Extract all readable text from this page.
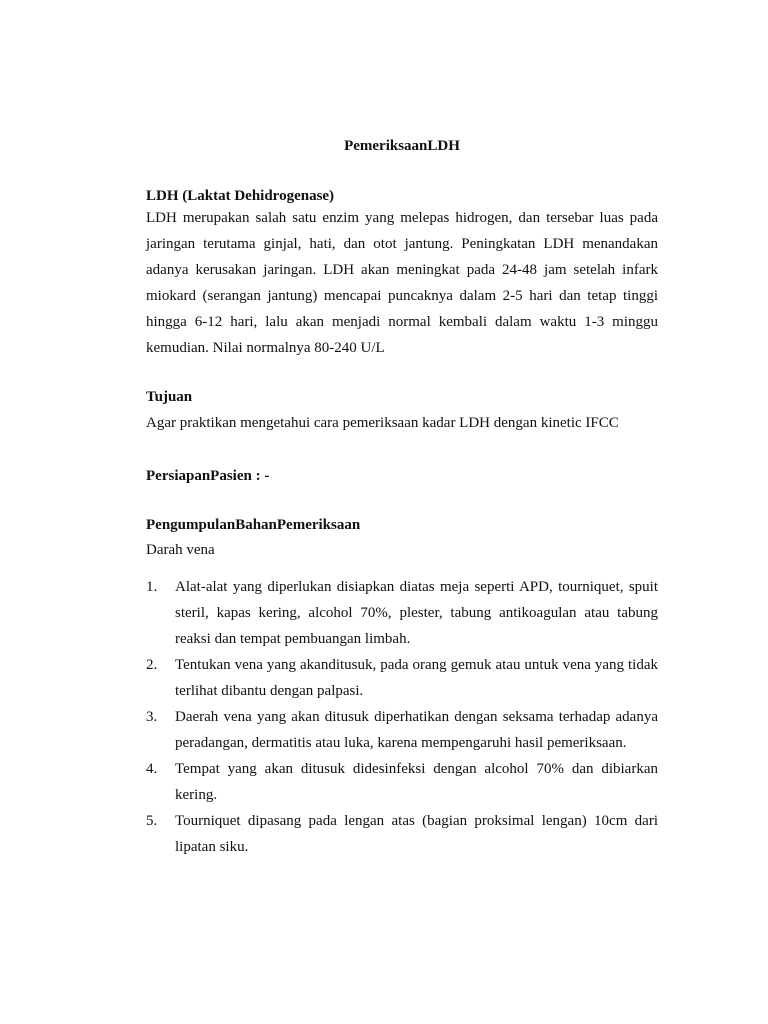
PemeriksaanLDH
LDH (Laktat Dehidrogenase)
LDH merupakan salah satu enzim yang melepas hidrogen, dan tersebar luas pada jaringan terutama ginjal, hati, dan otot jantung. Peningkatan LDH menandakan adanya kerusakan jaringan. LDH akan meningkat pada 24-48 jam setelah infark miokard (serangan jantung) mencapai puncaknya dalam 2-5 hari dan tetap tinggi hingga 6-12 hari, lalu akan menjadi normal kembali dalam waktu 1-3 minggu kemudian. Nilai normalnya 80-240 U/L
Tujuan
Agar praktikan mengetahui cara pemeriksaan kadar LDH dengan kinetic IFCC
PersiapanPasien : -
PengumpulanBahanPemeriksaan
Darah vena
1. Alat-alat yang diperlukan disiapkan diatas meja seperti APD, tourniquet, spuit steril, kapas kering, alcohol 70%, plester, tabung antikoagulan atau tabung reaksi dan tempat pembuangan limbah.
2. Tentukan vena yang akanditusuk, pada orang gemuk atau untuk vena yang tidak terlihat dibantu dengan palpasi.
3. Daerah vena yang akan ditusuk diperhatikan dengan seksama terhadap adanya peradangan, dermatitis atau luka, karena mempengaruhi hasil pemeriksaan.
4. Tempat yang akan ditusuk didesinfeksi dengan alcohol 70% dan dibiarkan kering.
5. Tourniquet dipasang pada lengan atas (bagian proksimal lengan) 10cm dari lipatan siku.
